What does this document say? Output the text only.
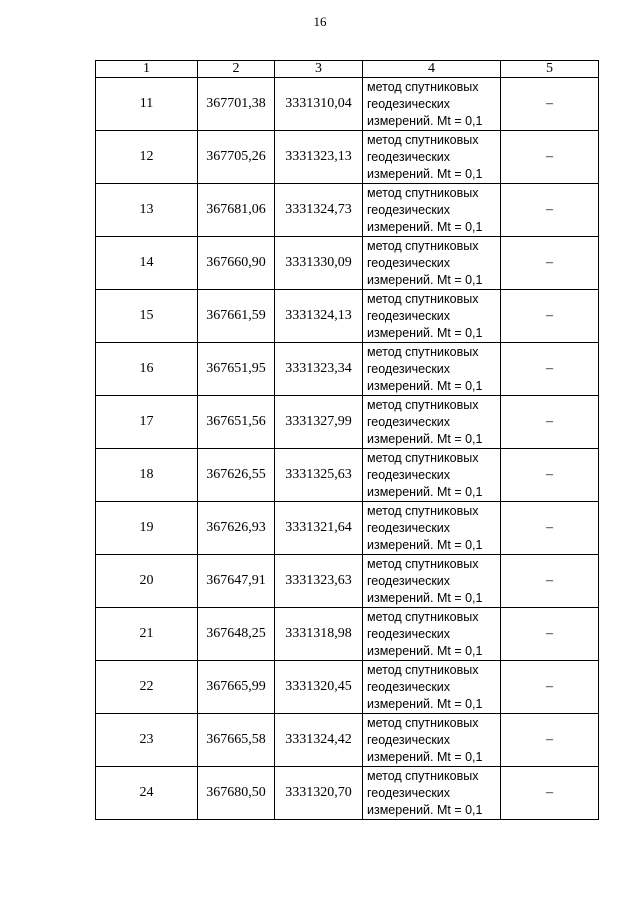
16
1	2	3	4	5
11	367701,38	3331310,04	метод спутниковых
геодезических
измерений. Mt = 0,1	–
12	367705,26	3331323,13	метод спутниковых
геодезических
измерений. Mt = 0,1	–
13	367681,06	3331324,73	метод спутниковых
геодезических
измерений. Mt = 0,1	–
14	367660,90	3331330,09	метод спутниковых
геодезических
измерений. Mt = 0,1	–
15	367661,59	3331324,13	метод спутниковых
геодезических
измерений. Mt = 0,1	–
16	367651,95	3331323,34	метод спутниковых
геодезических
измерений. Mt = 0,1	–
17	367651,56	3331327,99	метод спутниковых
геодезических
измерений. Mt = 0,1	–
18	367626,55	3331325,63	метод спутниковых
геодезических
измерений. Mt = 0,1	–
19	367626,93	3331321,64	метод спутниковых
геодезических
измерений. Mt = 0,1	–
20	367647,91	3331323,63	метод спутниковых
геодезических
измерений. Mt = 0,1	–
21	367648,25	3331318,98	метод спутниковых
геодезических
измерений. Mt = 0,1	–
22	367665,99	3331320,45	метод спутниковых
геодезических
измерений. Mt = 0,1	–
23	367665,58	3331324,42	метод спутниковых
геодезических
измерений. Mt = 0,1	–
24	367680,50	3331320,70	метод спутниковых
геодезических
измерений. Mt = 0,1	–
